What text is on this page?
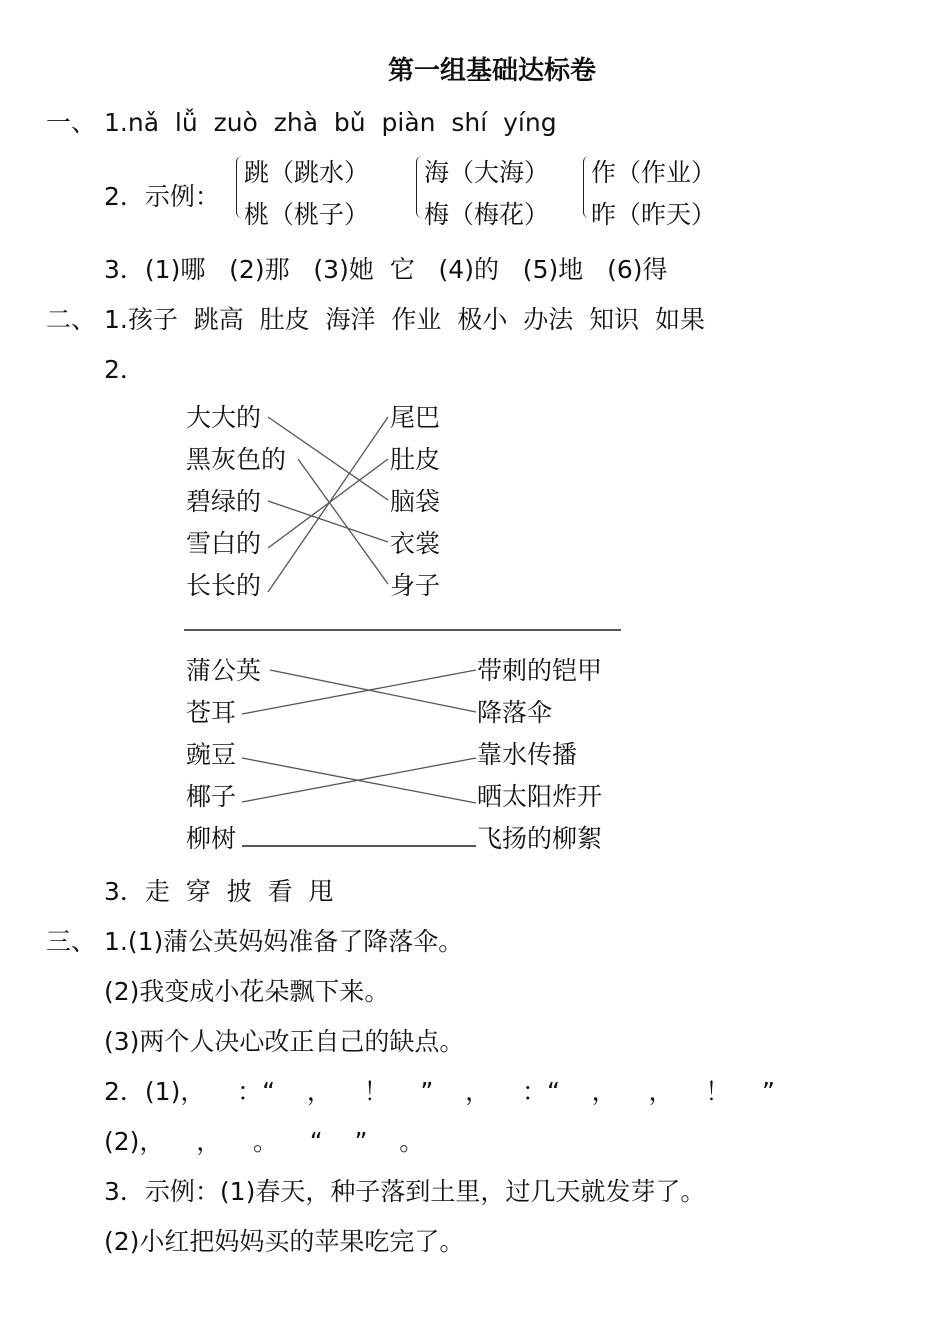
第一组基础达标卷
一、 1.nǎ  lǚ  zuò  zhà  bǔ  piàn  shí  yíng
2．示例：
跳（跳水）
桃（桃子）
海（大海）
梅（梅花）
作（作业）
昨（昨天）
3．(1)哪   (2)那   (3)她  它   (4)的   (5)地   (6)得
二、 1.孩子  跳高  肚皮  海洋  作业  极小  办法  知识  如果
2．
大大的
黑灰色的
碧绿的
雪白的
长长的
尾巴
肚皮
脑袋
衣裳
身子
蒲公英
苍耳
豌豆
椰子
柳树
带刺的铠甲
降落伞
靠水传播
晒太阳炸开
飞扬的柳絮
3．走  穿  披  看  甩
三、 1.(1)蒲公英妈妈准备了降落伞。
(2)我变成小花朵飘下来。
(3)两个人决心改正自己的缺点。
2．(1)，    ：“    ，    ！    ”    ，    ：“    ，    ，    ！    ”
(2)，    ，    。    “    ”    。
3．示例：(1)春天，种子落到土里，过几天就发芽了。
(2)小红把妈妈买的苹果吃完了。
